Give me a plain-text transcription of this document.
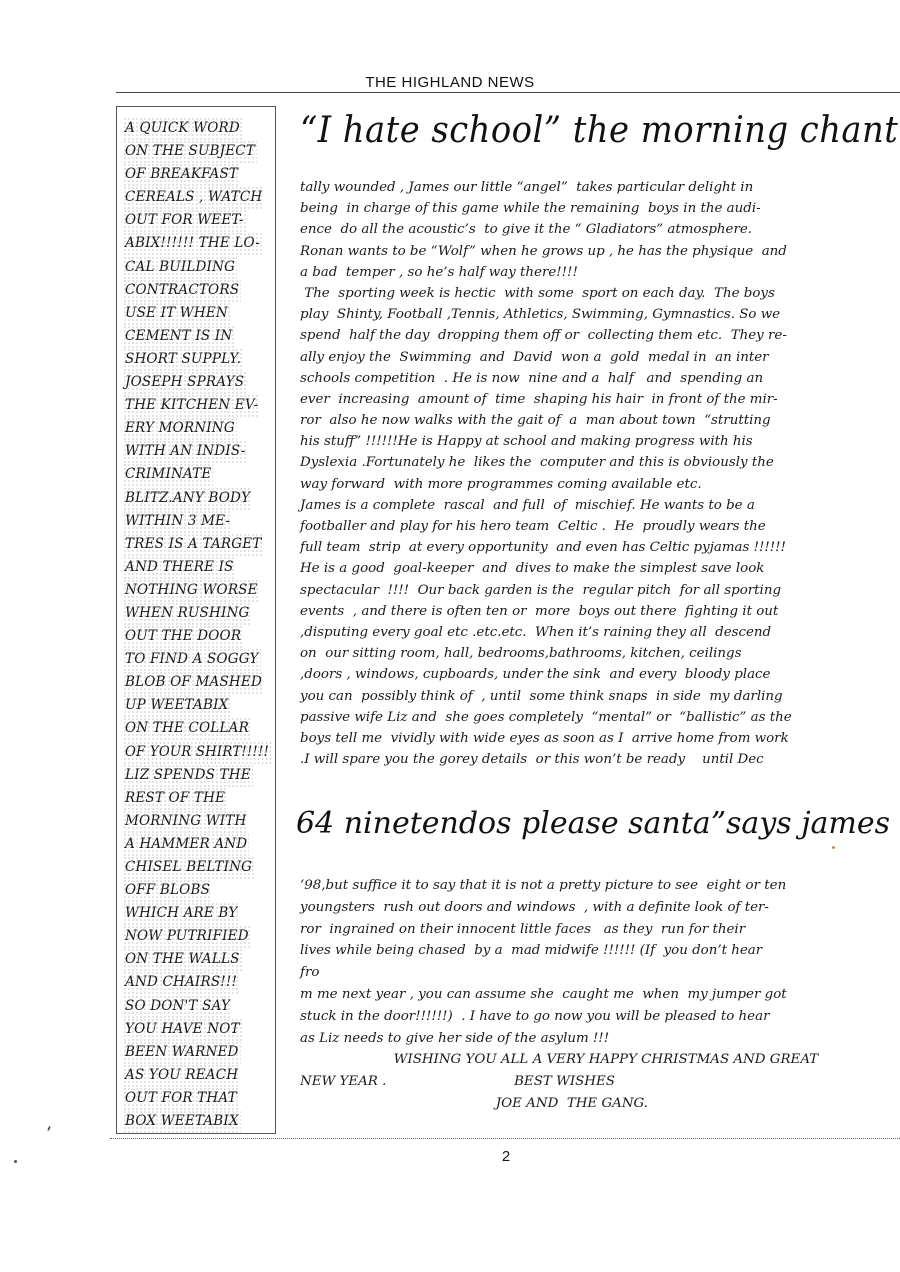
THE HIGHLAND NEWS
A QUICK WORD
ON THE SUBJECT
OF BREAKFAST
CEREALS , WATCH
OUT FOR WEET-
ABIX!!!!!! THE LO-
CAL BUILDING
CONTRACTORS
USE IT WHEN
CEMENT IS IN
SHORT SUPPLY.
JOSEPH SPRAYS
THE KITCHEN EV-
ERY MORNING
WITH AN INDIS-
CRIMINATE
BLITZ.ANY BODY
WITHIN 3 ME-
TRES IS A TARGET
AND THERE IS
NOTHING WORSE
WHEN RUSHING
OUT THE DOOR
TO FIND A SOGGY
BLOB OF MASHED
UP WEETABIX
ON THE COLLAR
OF YOUR SHIRT!!!!!
LIZ SPENDS THE
REST OF THE
MORNING WITH
A HAMMER AND
CHISEL BELTING
OFF BLOBS
WHICH ARE BY
NOW PUTRIFIED
ON THE WALLS
AND CHAIRS!!!
SO DON'T SAY
YOU HAVE NOT
BEEN WARNED
AS YOU REACH
OUT FOR THAT
BOX WEETABIX
“I hate school” the morning chant
tally wounded , James our little “angel”  takes particular delight in
being  in charge of this game while the remaining  boys in the audi-
ence  do all the acoustic’s  to give it the “ Gladiators” atmosphere.
Ronan wants to be “Wolf” when he grows up , he has the physique  and
a bad  temper , so he’s half way there!!!!
The  sporting week is hectic  with some  sport on each day.  The boys
play  Shinty, Football ,Tennis, Athletics, Swimming, Gymnastics. So we
spend  half the day  dropping them off or  collecting them etc.  They re-
ally enjoy the  Swimming  and  David  won a  gold  medal in  an inter
schools competition  . He is now  nine and a  half   and  spending an
ever  increasing  amount of  time  shaping his hair  in front of the mir-
ror  also he now walks with the gait of  a  man about town  “strutting
his stuff” !!!!!!He is Happy at school and making progress with his
Dyslexia .Fortunately he  likes the  computer and this is obviously the
way forward  with more programmes coming available etc.
James is a complete  rascal  and full  of  mischief. He wants to be a
footballer and play for his hero team  Celtic .  He  proudly wears the
full team  strip  at every opportunity  and even has Celtic pyjamas !!!!!!
He is a good  goal-keeper  and  dives to make the simplest save look
spectacular  !!!!  Our back garden is the  regular pitch  for all sporting
events  , and there is often ten or  more  boys out there  fighting it out
,disputing every goal etc .etc.etc.  When it’s raining they all  descend
on  our sitting room, hall, bedrooms,bathrooms, kitchen, ceilings
,doors , windows, cupboards, under the sink  and every  bloody place
you can  possibly think of  , until  some think snaps  in side  my darling
passive wife Liz and  she goes completely  “mental” or  “ballistic” as the
boys tell me  vividly with wide eyes as soon as I  arrive home from work
.I will spare you the gorey details  or this won’t be ready    until Dec
64 ninetendos please santa”says james
‘98,but suffice it to say that it is not a pretty picture to see  eight or ten
youngsters  rush out doors and windows  , with a definite look of ter-
ror  ingrained on their innocent little faces   as they  run for their
lives while being chased  by a  mad midwife !!!!!! (If  you don’t hear
fro
m me next year , you can assume she  caught me  when  my jumper got
stuck in the door!!!!!!)  . I have to go now you will be pleased to hear
as Liz needs to give her side of the asylum !!!
WISHING YOU ALL A VERY HAPPY CHRISTMAS AND GREAT
NEW YEAR .                              BEST WISHES
JOE AND  THE GANG.
2
